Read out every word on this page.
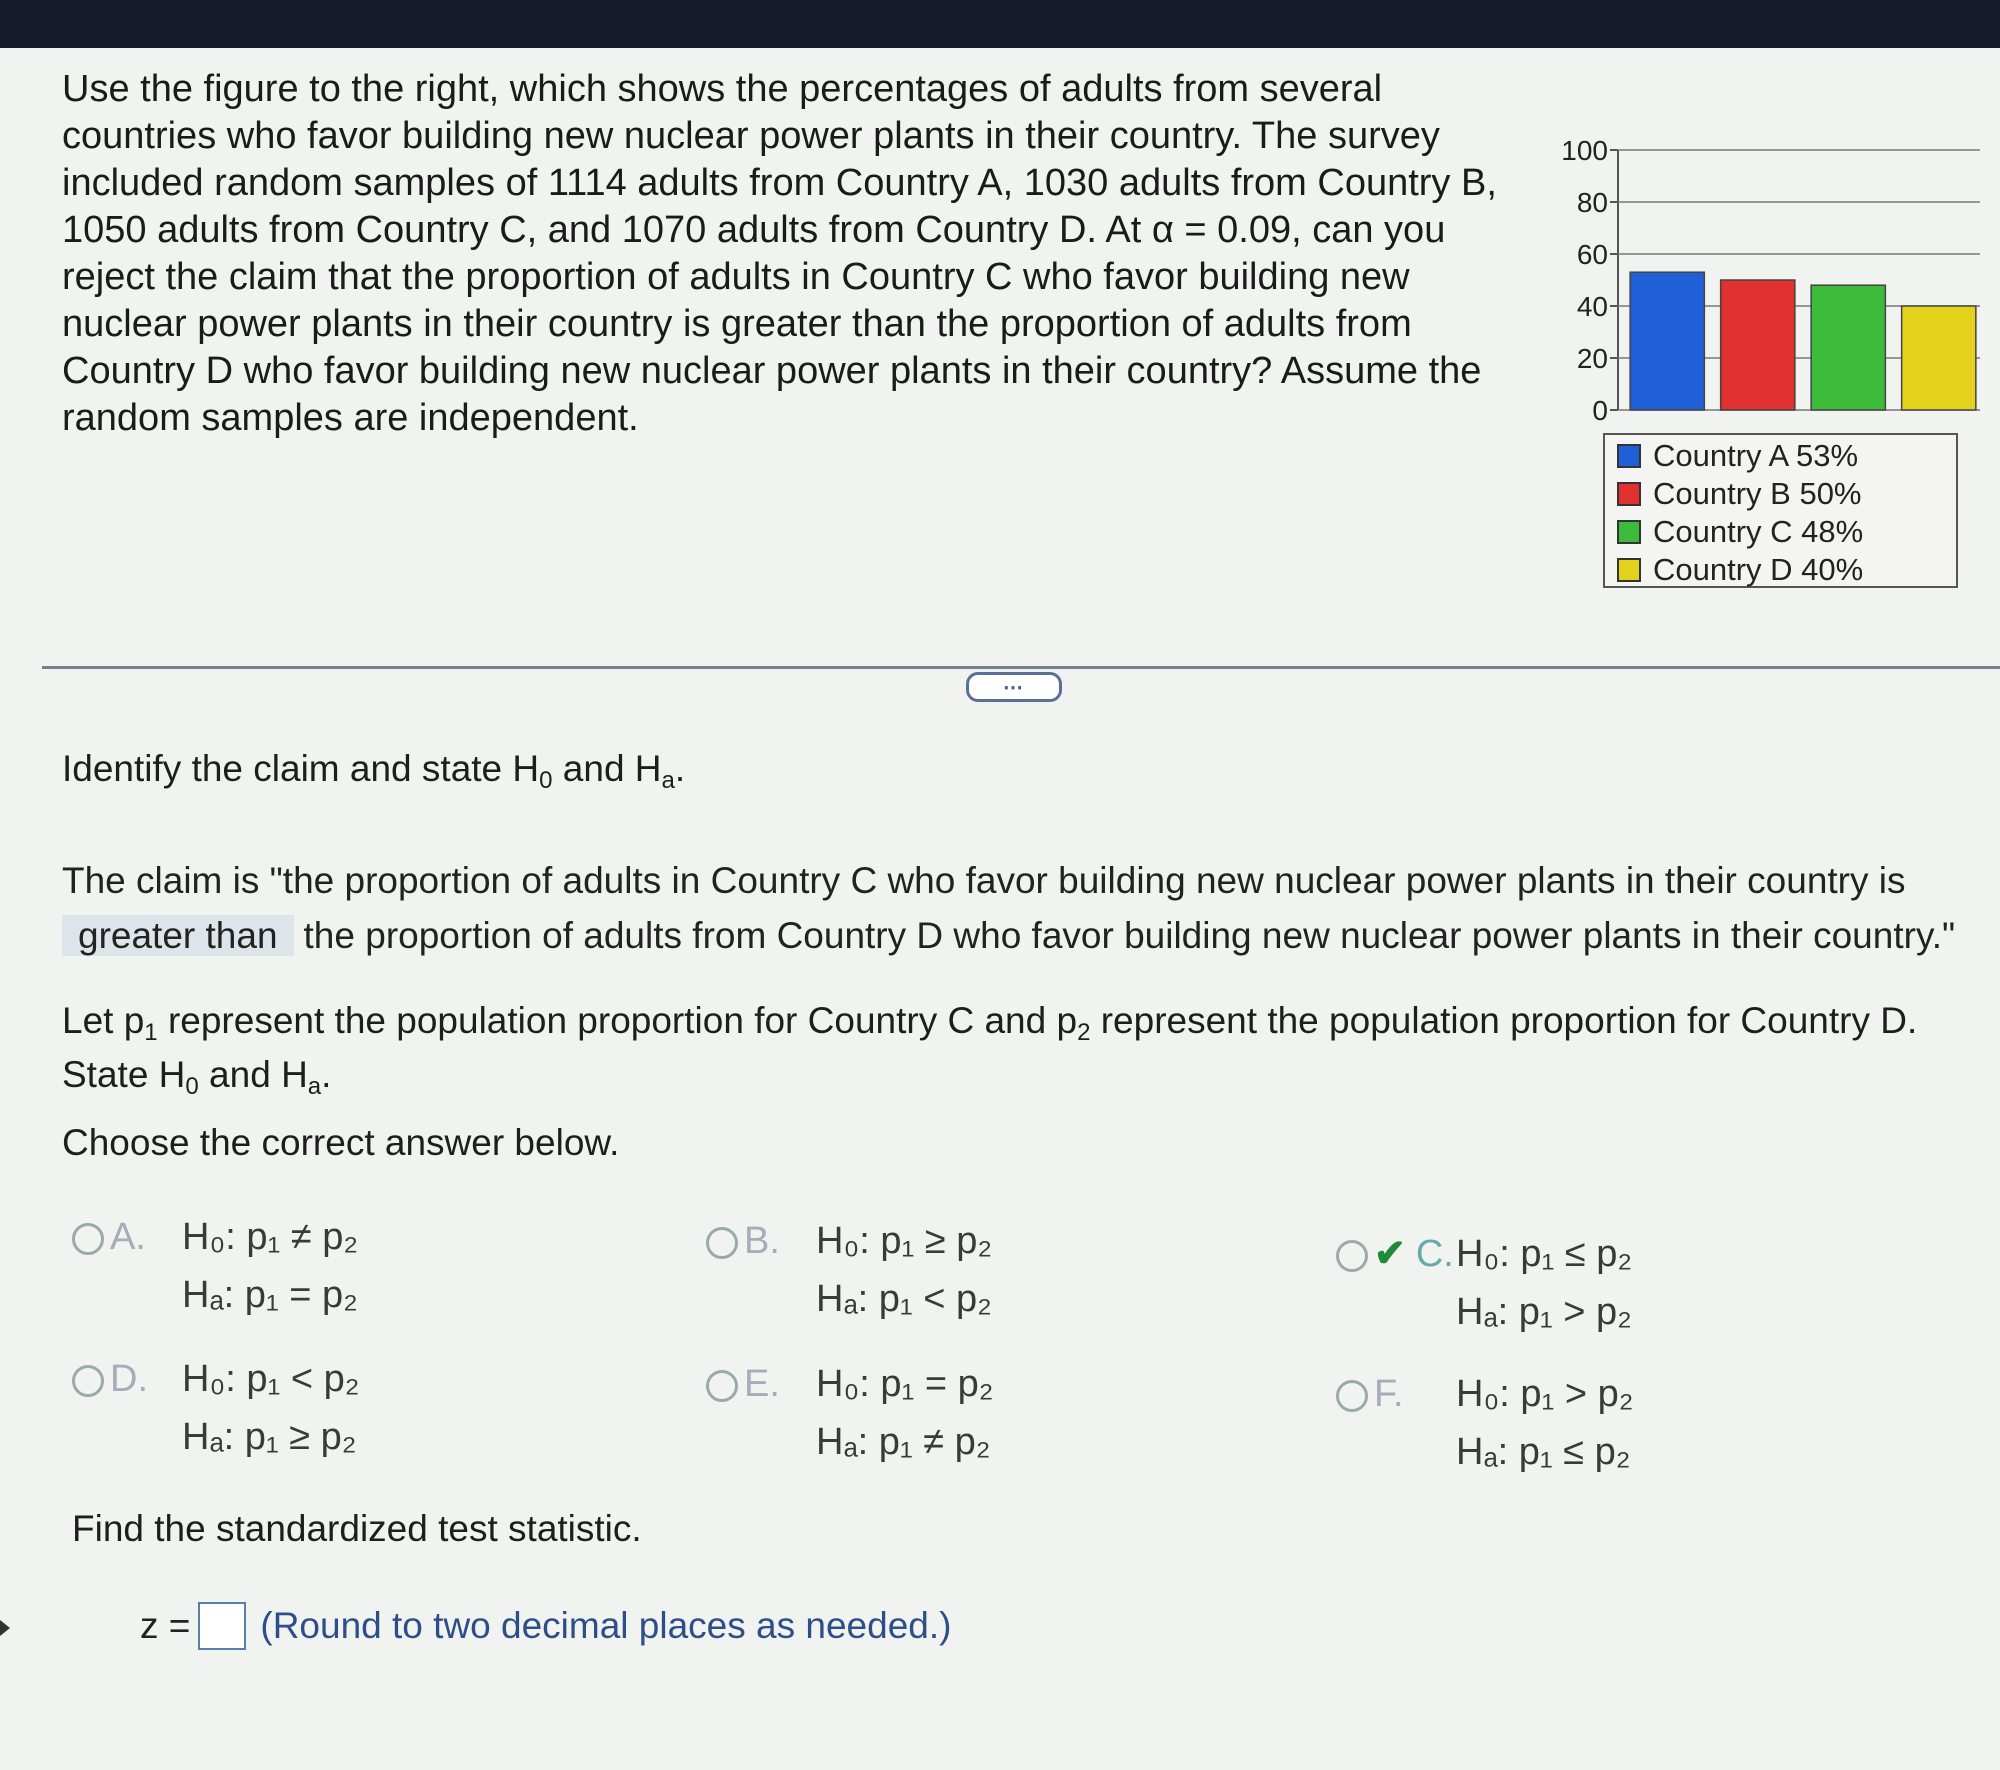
Use the figure to the right, which shows the percentages of adults from several countries who favor building new nuclear power plants in their country. The survey included random samples of 1114 adults from Country A, 1030 adults from Country B, 1050 adults from Country C, and 1070 adults from Country D. At α = 0.09, can you reject the claim that the proportion of adults in Country C who favor building new nuclear power plants in their country is greater than the proportion of adults from Country D who favor building new nuclear power plants in their country? Assume the random samples are independent.	0
20
40
60
80
100
Country A 53%
Country B 50%
Country C 48%
Country D 40%
⋯
Identify the claim and state $H_0$ and $H_a$.
The claim is "the proportion of adults in Country C who favor building new nuclear power plants in their country is
greater than the proportion of adults from Country D who favor building new nuclear power plants in their country."
Let $p_1$ represent the population proportion for Country C and $p_2$ represent the population proportion for Country D.
State $H_0$ and $H_a$.
Choose the correct answer below.
A. H₀: p₁ ≠ p₂
Hₐ: p₁ = p₂
B. H₀: p₁ ≥ p₂
Hₐ: p₁ < p₂
✔ C. H₀: p₁ ≤ p₂
Hₐ: p₁ > p₂
D. H₀: p₁ < p₂
Hₐ: p₁ ≥ p₂
E. H₀: p₁ = p₂
Hₐ: p₁ ≠ p₂
F. H₀: p₁ > p₂
Hₐ: p₁ ≤ p₂
Find the standardized test statistic.
z = (Round to two decimal places as needed.)
